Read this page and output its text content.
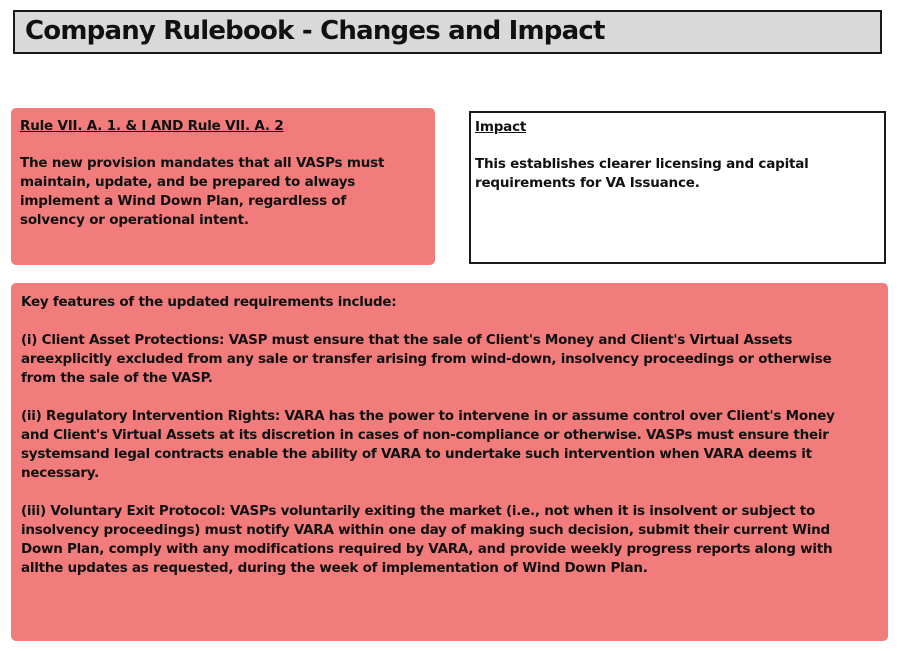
Company Rulebook - Changes and Impact
Rule VII. A. 1. & I AND Rule VII. A. 2
The new provision mandates that all VASPs must
maintain, update, and be prepared to always
implement a Wind Down Plan, regardless of
solvency or operational intent.
Impact
This establishes clearer licensing and capital
requirements for VA Issuance.
Key features of the updated requirements include:
(i) Client Asset Protections: VASP must ensure that the sale of Client's Money and Client's Virtual Assets
areexplicitly excluded from any sale or transfer arising from wind-down, insolvency proceedings or otherwise
from the sale of the VASP.
(ii) Regulatory Intervention Rights: VARA has the power to intervene in or assume control over Client's Money
and Client's Virtual Assets at its discretion in cases of non-compliance or otherwise. VASPs must ensure their
systemsand legal contracts enable the ability of VARA to undertake such intervention when VARA deems it
necessary.
(iii) Voluntary Exit Protocol: VASPs voluntarily exiting the market (i.e., not when it is insolvent or subject to
insolvency proceedings) must notify VARA within one day of making such decision, submit their current Wind
Down Plan, comply with any modifications required by VARA, and provide weekly progress reports along with
allthe updates as requested, during the week of implementation of Wind Down Plan.
